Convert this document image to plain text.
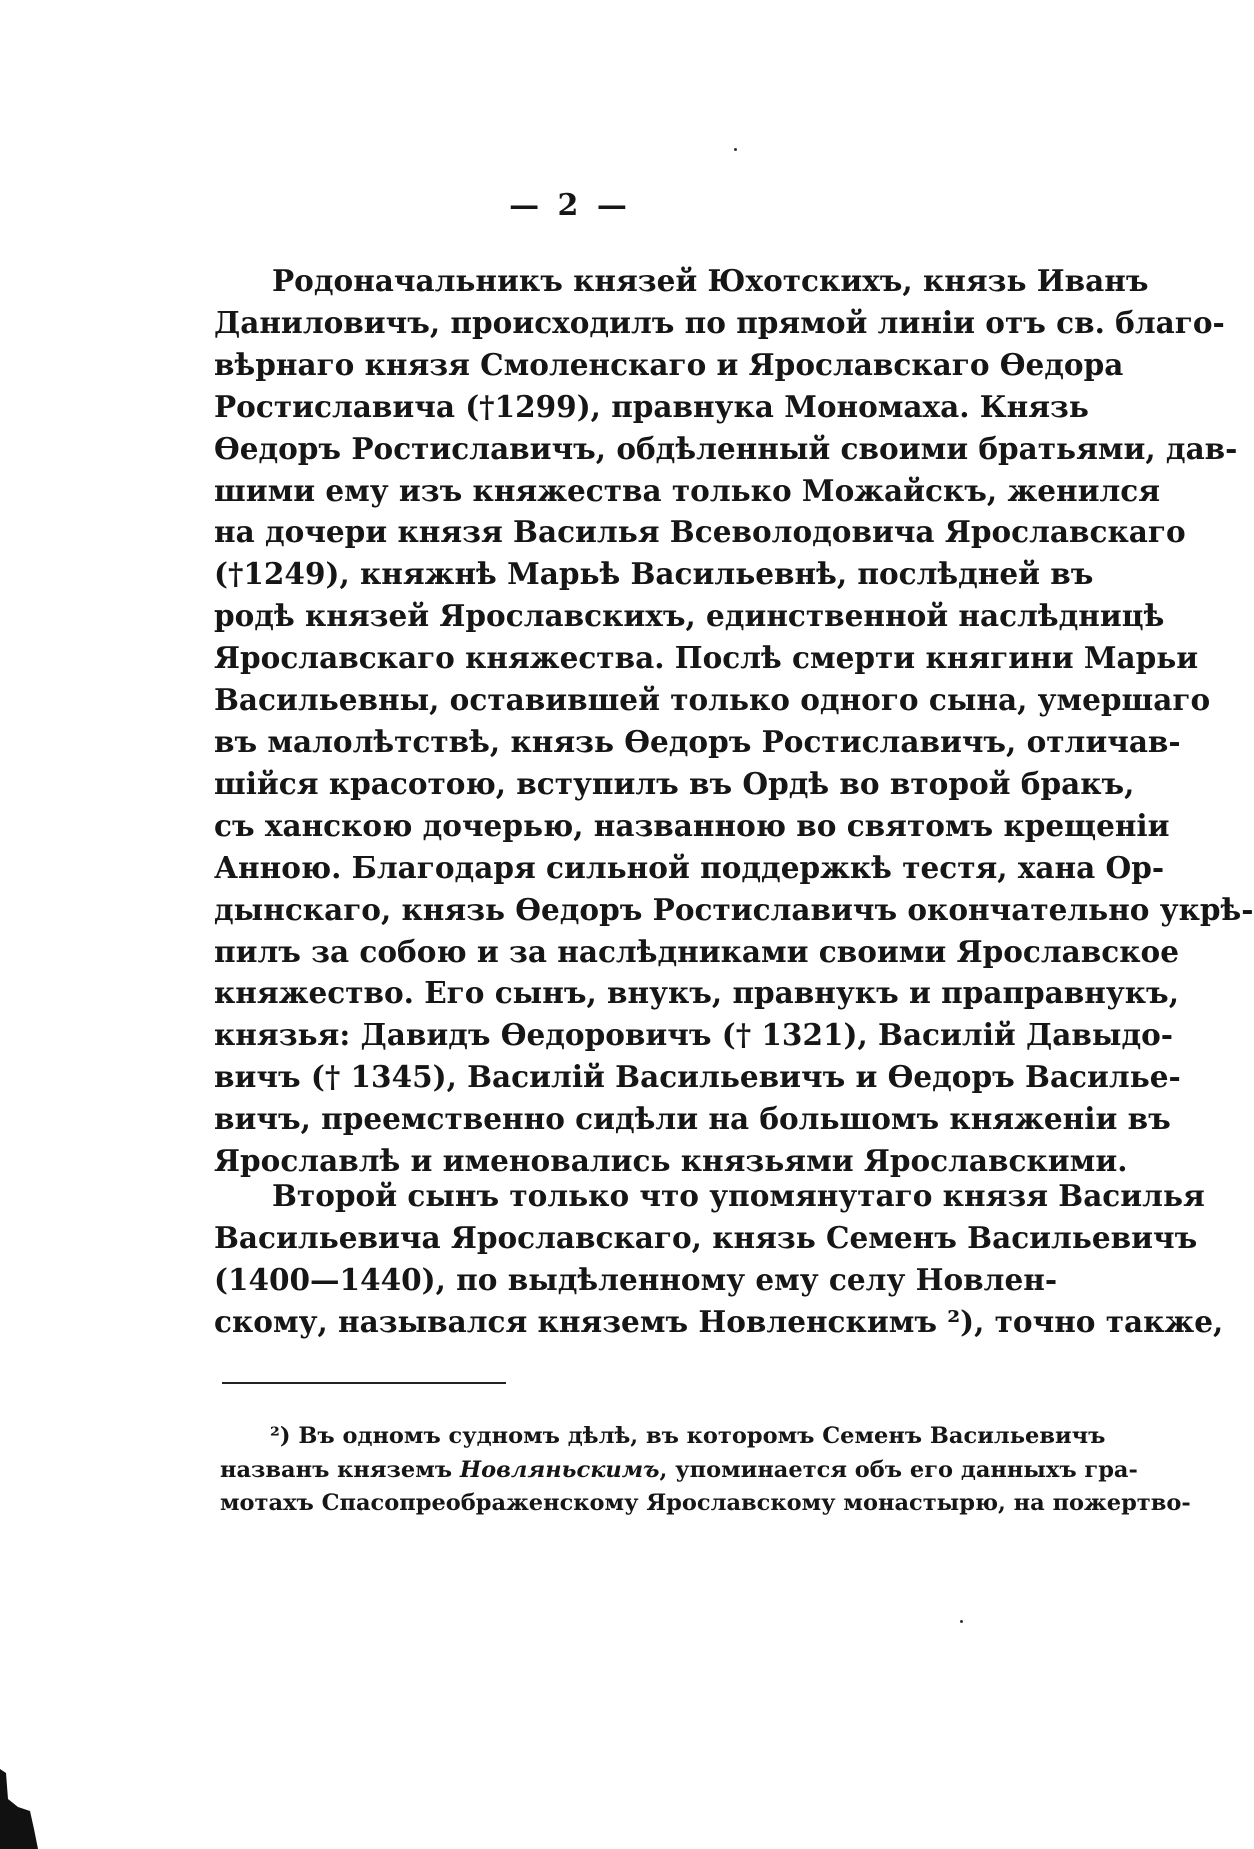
— 2 —
Родоначальникъ князей Юхотскихъ, князь Иванъ
Даниловичъ, происходилъ по прямой линіи отъ св. благо-
вѣрнаго князя Смоленскаго и Ярославскаго Ѳедора
Ростиславича (†1299), правнука Мономаха. Князь
Ѳедоръ Ростиславичъ, обдѣленный своими братьями, дав-
шими ему изъ княжества только Можайскъ, женился
на дочери князя Василья Всеволодовича Ярославскаго
(†1249), княжнѣ Марьѣ Васильевнѣ, послѣдней въ
родѣ князей Ярославскихъ, единственной наслѣдницѣ
Ярославскаго княжества. Послѣ смерти княгини Марьи
Васильевны, оставившей только одного сына, умершаго
въ малолѣтствѣ, князь Ѳедоръ Ростиславичъ, отличав-
шійся красотою, вступилъ въ Ордѣ во второй бракъ,
съ ханскою дочерью, названною во святомъ крещеніи
Анною. Благодаря сильной поддержкѣ тестя, хана Ор-
дынскаго, князь Ѳедоръ Ростиславичъ окончательно укрѣ-
пилъ за собою и за наслѣдниками своими Ярославское
княжество. Его сынъ, внукъ, правнукъ и праправнукъ,
князья: Давидъ Ѳедоровичъ († 1321), Василій Давыдо-
вичъ († 1345), Василій Васильевичъ и Ѳедоръ Василье-
вичъ, преемственно сидѣли на большомъ княженіи въ
Ярославлѣ и именовались князьями Ярославскими.
Второй сынъ только что упомянутаго князя Василья
Васильевича Ярославскаго, князь Семенъ Васильевичъ
(1400—1440), по выдѣленному ему селу Новлен-
скому, назывался княземъ Новленскимъ ²), точно также,
²) Въ одномъ судномъ дѣлѣ, въ которомъ Семенъ Васильевичъ
названъ княземъ Новляньскимъ, упоминается объ его данныхъ гра-
мотахъ Спасопреображенскому Ярославскому монастырю, на пожертво-
